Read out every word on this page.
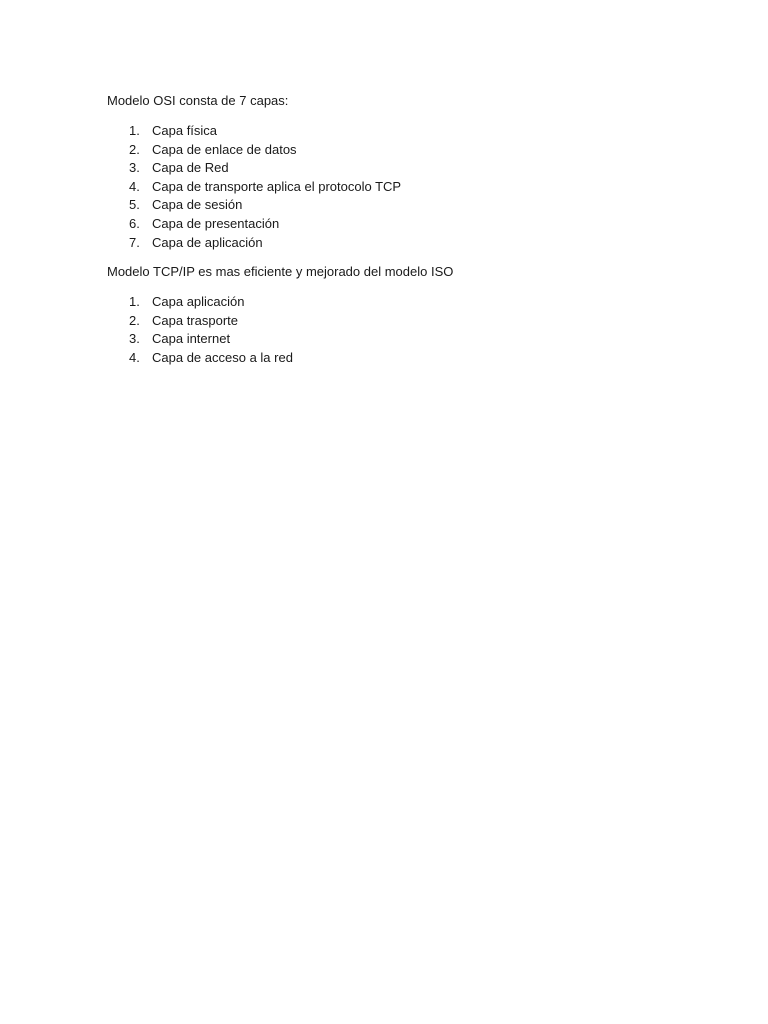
Modelo OSI consta de 7 capas:

1. Capa física
2. Capa de enlace de datos
3. Capa de Red
4. Capa de transporte aplica el protocolo TCP
5. Capa de sesión
6. Capa de presentación
7. Capa de aplicación

Modelo TCP/IP es mas eficiente y mejorado del modelo ISO

1. Capa aplicación
2. Capa trasporte
3. Capa internet
4. Capa de acceso a la red
